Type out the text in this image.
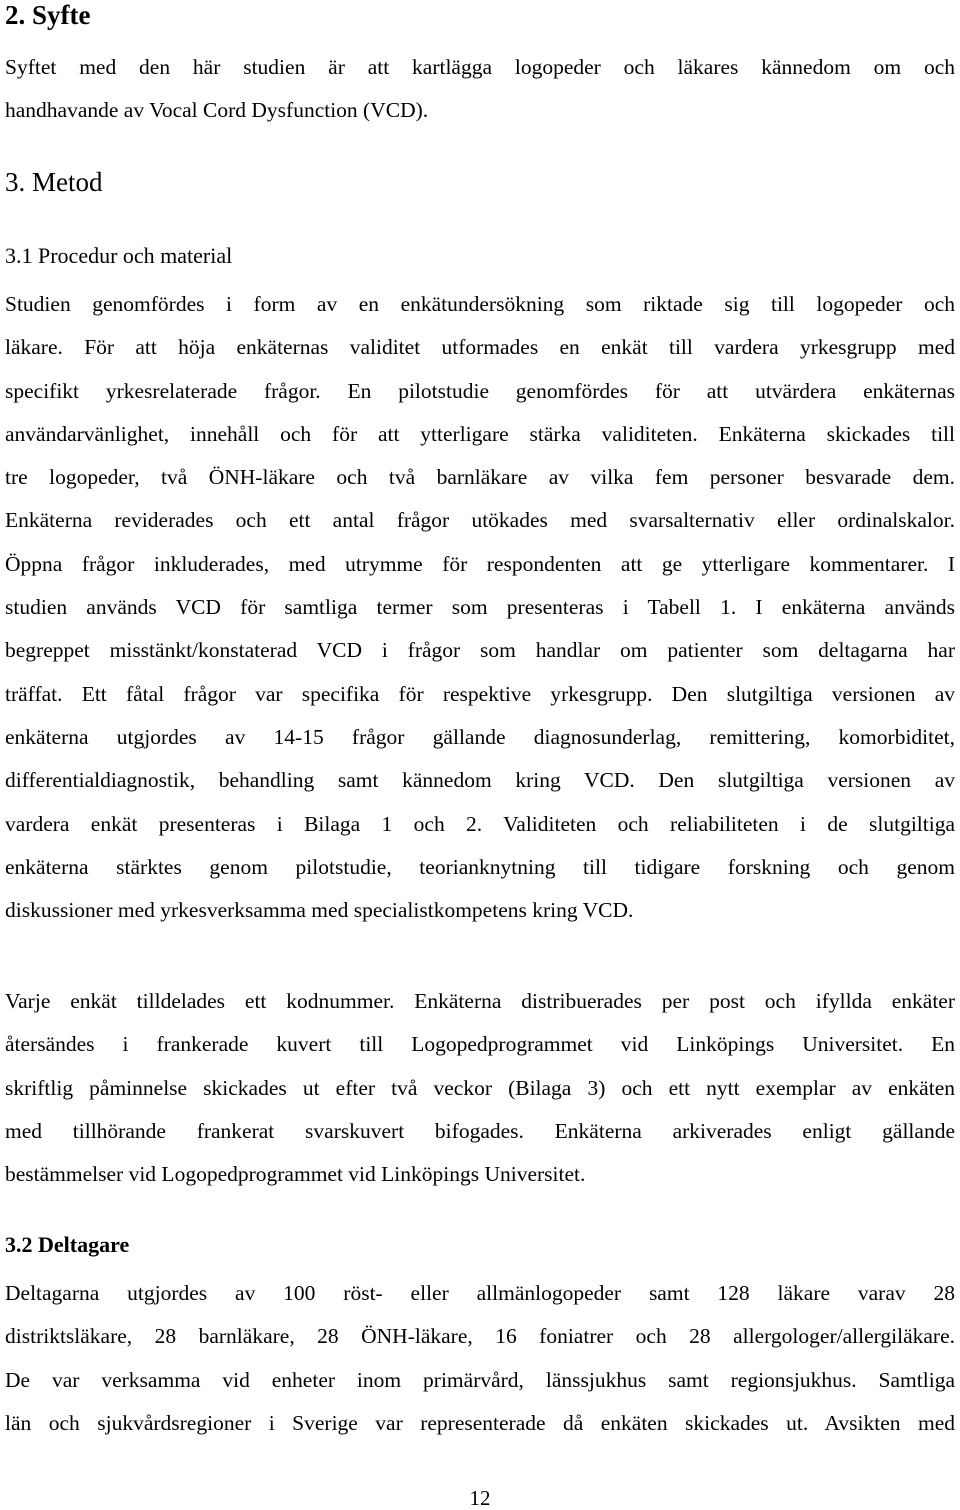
2. Syfte
Syftet med den här studien är att kartlägga logopeder och läkares kännedom om och
handhavande av Vocal Cord Dysfunction (VCD).
3. Metod
3.1 Procedur och material
Studien genomfördes i form av en enkätundersökning som riktade sig till logopeder och
läkare. För att höja enkäternas validitet utformades en enkät till vardera yrkesgrupp med
specifikt yrkesrelaterade frågor. En pilotstudie genomfördes för att utvärdera enkäternas
användarvänlighet, innehåll och för att ytterligare stärka validiteten. Enkäterna skickades till
tre logopeder, två ÖNH-läkare och två barnläkare av vilka fem personer besvarade dem.
Enkäterna reviderades och ett antal frågor utökades med svarsalternativ eller ordinalskalor.
Öppna frågor inkluderades, med utrymme för respondenten att ge ytterligare kommentarer. I
studien används VCD för samtliga termer som presenteras i Tabell 1. I enkäterna används
begreppet misstänkt/konstaterad VCD i frågor som handlar om patienter som deltagarna har
träffat. Ett fåtal frågor var specifika för respektive yrkesgrupp. Den slutgiltiga versionen av
enkäterna utgjordes av 14-15 frågor gällande diagnosunderlag, remittering, komorbiditet,
differentialdiagnostik, behandling samt kännedom kring VCD. Den slutgiltiga versionen av
vardera enkät presenteras i Bilaga 1 och 2. Validiteten och reliabiliteten i de slutgiltiga
enkäterna stärktes genom pilotstudie, teorianknytning till tidigare forskning och genom
diskussioner med yrkesverksamma med specialistkompetens kring VCD.
Varje enkät tilldelades ett kodnummer. Enkäterna distribuerades per post och ifyllda enkäter
återsändes i frankerade kuvert till Logopedprogrammet vid Linköpings Universitet. En
skriftlig påminnelse skickades ut efter två veckor (Bilaga 3) och ett nytt exemplar av enkäten
med tillhörande frankerat svarskuvert bifogades. Enkäterna arkiverades enligt gällande
bestämmelser vid Logopedprogrammet vid Linköpings Universitet.
3.2 Deltagare
Deltagarna utgjordes av 100 röst- eller allmänlogopeder samt 128 läkare varav 28
distriktsläkare, 28 barnläkare, 28 ÖNH-läkare, 16 foniatrer och 28 allergologer/allergiläkare.
De var verksamma vid enheter inom primärvård, länssjukhus samt regionsjukhus. Samtliga
län och sjukvårdsregioner i Sverige var representerade då enkäten skickades ut. Avsikten med
12
